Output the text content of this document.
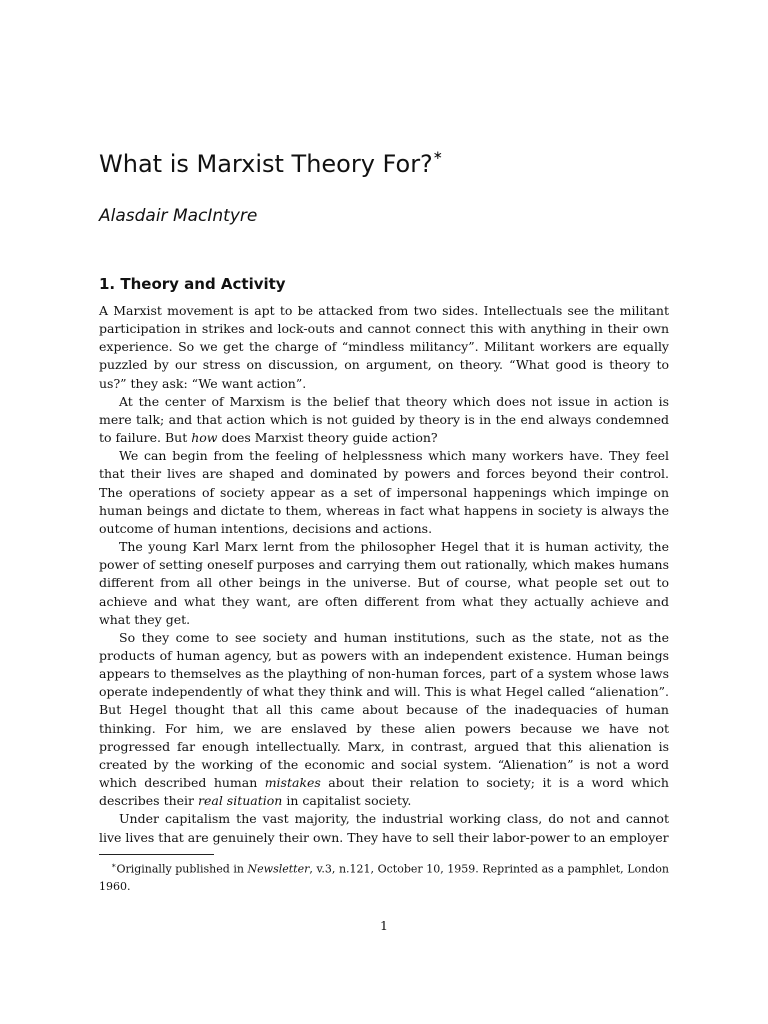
What is Marxist Theory For?∗
Alasdair MacIntyre
1. Theory and Activity

A Marxist movement is apt to be attacked from two sides. Intellectuals see the militant participation in strikes and lock-outs and cannot connect this with anything in their own experience. So we get the charge of “mindless militancy”. Militant workers are equally puzzled by our stress on discussion, on argument, on theory. “What good is theory to us?” they ask: “We want action”.

At the center of Marxism is the belief that theory which does not issue in action is mere talk; and that action which is not guided by theory is in the end always condemned to failure. But how does Marxist theory guide action?

We can begin from the feeling of helplessness which many workers have. They feel that their lives are shaped and dominated by powers and forces beyond their control. The operations of society appear as a set of impersonal happenings which impinge on human beings and dictate to them, whereas in fact what happens in society is always the outcome of human intentions, decisions and actions.

The young Karl Marx lernt from the philosopher Hegel that it is human activity, the power of setting oneself purposes and carrying them out rationally, which makes humans different from all other beings in the universe. But of course, what people set out to achieve and what they want, are often different from what they actually achieve and what they get.

So they come to see society and human institutions, such as the state, not as the products of human agency, but as powers with an independent existence. Human beings appears to themselves as the plaything of non-human forces, part of a system whose laws operate independently of what they think and will. This is what Hegel called “alienation”. But Hegel thought that all this came about because of the inadequacies of human thinking. For him, we are enslaved by these alien powers because we have not progressed far enough intellectually. Marx, in contrast, argued that this alienation is created by the working of the economic and social system. “Alienation” is not a word which described human mistakes about their relation to society; it is a word which describes their real situation in capitalist society.

Under capitalism the vast majority, the industrial working class, do not and cannot live lives that are genuinely their own. They have to sell their labor-power to an employer

∗Originally published in Newsletter, v.3, n.121, October 10, 1959. Reprinted as a pamphlet, London 1960.

1
